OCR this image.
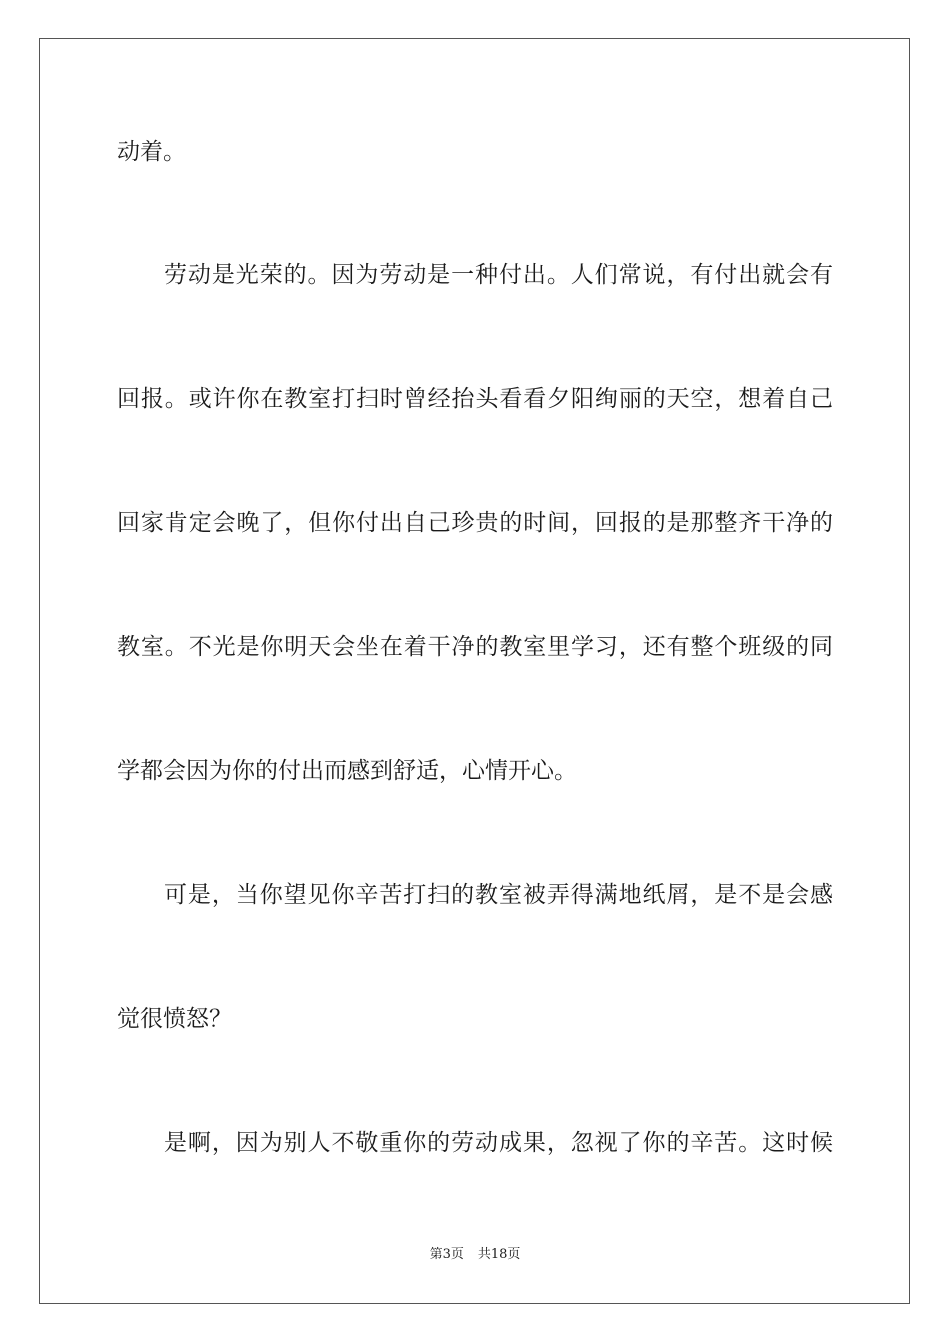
动着。
劳动是光荣的。因为劳动是一种付出。人们常说，有付出就会有
回报。或许你在教室打扫时曾经抬头看看夕阳绚丽的天空，想着自己
回家肯定会晚了，但你付出自己珍贵的时间，回报的是那整齐干净的
教室。不光是你明天会坐在着干净的教室里学习，还有整个班级的同
学都会因为你的付出而感到舒适，心情开心。
可是，当你望见你辛苦打扫的教室被弄得满地纸屑，是不是会感
觉很愤怒？
是啊，因为别人不敬重你的劳动成果，忽视了你的辛苦。这时候
第3页 共18页
